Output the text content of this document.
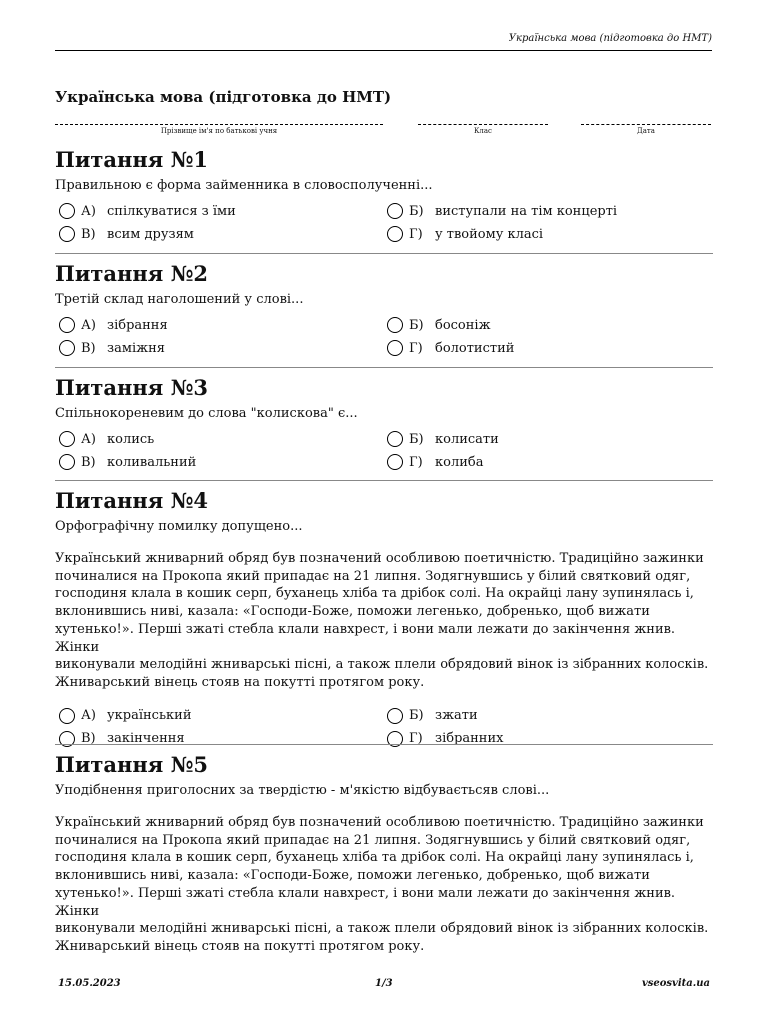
Українська мова (підготовка до НМТ)
Українська мова (підготовка до НМТ)
Прізвище ім'я по батькові учня	Клас	Дата
Питання №1
Правильною є форма займенника в словосполученні...
А) спілкуватися з їми	Б) виступали на тім концерті
В) всим друзям	Г) у твойому класі
Питання №2
Третій склад наголошений у слові...
А) зібрання	Б) босоніж
В) заміжня	Г) болотистий
Питання №3
Спільнокореневим до слова "колискова" є...
А) колись	Б) колисати
В) коливальний	Г) колиба
Питання №4
Орфографічну помилку допущено...
Український жниварний обряд був позначений особливою поетичністю. Традиційно зажинки
починалися на Прокопа який припадає на 21 липня. Зодягнувшись у білий святковий одяг,
господиня клала в кошик серп, буханець хліба та дрібок солі. На окрайці лану зупинялась і,
вклонившись ниві, казала: «Господи-Боже, поможи легенько, добренько, щоб вижати
хутенько!». Перші зжаті стебла клали навхрест, і вони мали лежати до закінчення жнив. Жінки
виконували мелодійні жниварські пісні, а також плели обрядовий вінок із зібранних колосків.
Жниварський вінець стояв на покутті протягом року.
А) український	Б) зжати
В) закінчення	Г) зібранних
Питання №5
Уподібнення приголосних за твердістю - м'якістю відбуваєтьсяв слові...
Український жниварний обряд був позначений особливою поетичністю. Традиційно зажинки
починалися на Прокопа який припадає на 21 липня. Зодягнувшись у білий святковий одяг,
господиня клала в кошик серп, буханець хліба та дрібок солі. На окрайці лану зупинялась і,
вклонившись ниві, казала: «Господи-Боже, поможи легенько, добренько, щоб вижати
хутенько!». Перші зжаті стебла клали навхрест, і вони мали лежати до закінчення жнив. Жінки
виконували мелодійні жниварські пісні, а також плели обрядовий вінок із зібранних колосків.
Жниварський вінець стояв на покутті протягом року.
15.05.2023	1/3	vseosvita.ua
